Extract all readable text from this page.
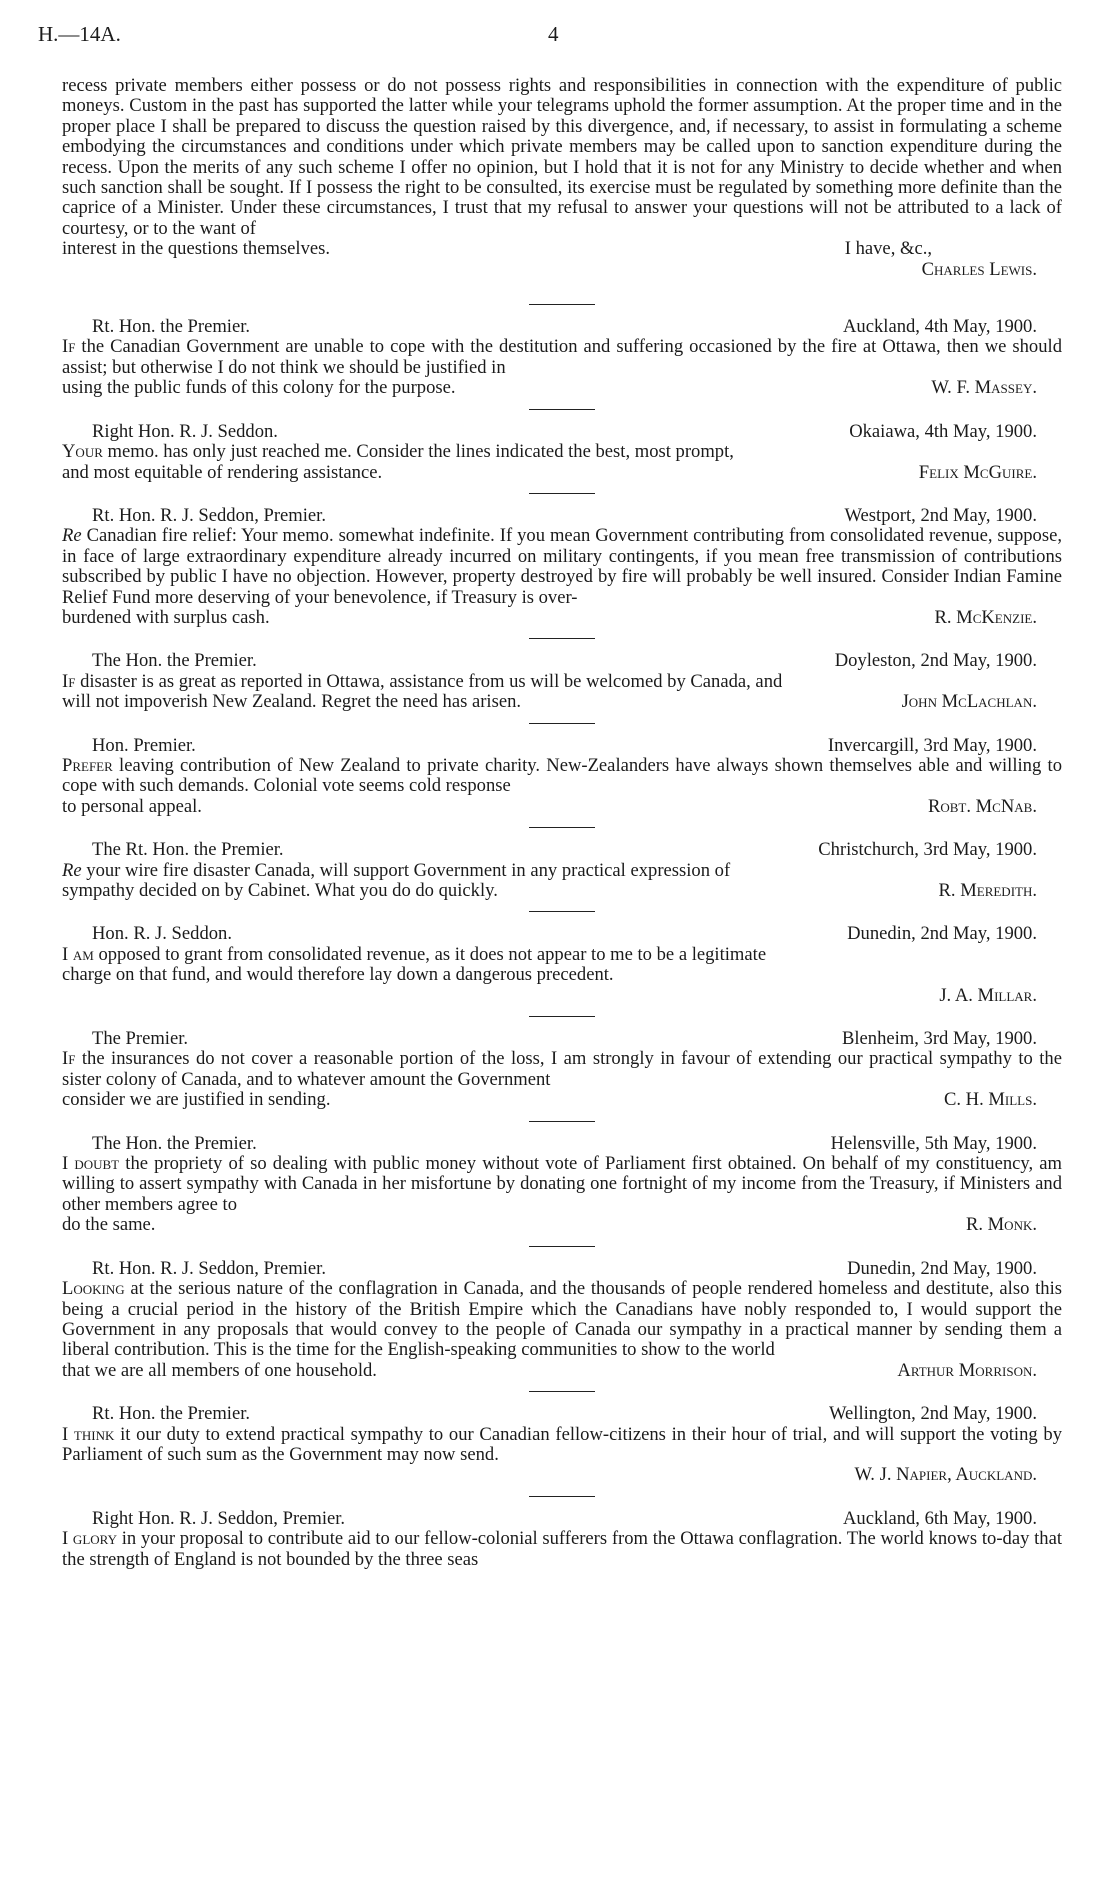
H.—14A.	4
recess private members either possess or do not possess rights and responsibilities in connection with the expenditure of public moneys. Custom in the past has supported the latter while your telegrams uphold the former assumption. At the proper time and in the proper place I shall be prepared to discuss the question raised by this divergence, and, if necessary, to assist in formulating a scheme embodying the circumstances and conditions under which private members may be called upon to sanction expenditure during the recess. Upon the merits of any such scheme I offer no opinion, but I hold that it is not for any Ministry to decide whether and when such sanction shall be sought. If I possess the right to be consulted, its exercise must be regulated by something more definite than the caprice of a Minister. Under these circumstances, I trust that my refusal to answer your questions will not be attributed to a lack of courtesy, or to the want of
interest in the questions themselves.	I have, &c.,
Charles Lewis.
Rt. Hon. the Premier.	Auckland, 4th May, 1900.
If the Canadian Government are unable to cope with the destitution and suffering occasioned by the fire at Ottawa, then we should assist; but otherwise I do not think we should be justified in
using the public funds of this colony for the purpose.	W. F. Massey.
Right Hon. R. J. Seddon.	Okaiawa, 4th May, 1900.
Your memo. has only just reached me. Consider the lines indicated the best, most prompt,
and most equitable of rendering assistance.	Felix McGuire.
Rt. Hon. R. J. Seddon, Premier.	Westport, 2nd May, 1900.
Re Canadian fire relief: Your memo. somewhat indefinite. If you mean Government contributing from consolidated revenue, suppose, in face of large extraordinary expenditure already incurred on military contingents, if you mean free transmission of contributions subscribed by public I have no objection. However, property destroyed by fire will probably be well insured. Consider Indian Famine Relief Fund more deserving of your benevolence, if Treasury is over-
burdened with surplus cash.	R. McKenzie.
The Hon. the Premier.	Doyleston, 2nd May, 1900.
If disaster is as great as reported in Ottawa, assistance from us will be welcomed by Canada, and
will not impoverish New Zealand. Regret the need has arisen.	John McLachlan.
Hon. Premier.	Invercargill, 3rd May, 1900.
Prefer leaving contribution of New Zealand to private charity. New-Zealanders have always shown themselves able and willing to cope with such demands. Colonial vote seems cold response
to personal appeal.	Robt. McNab.
The Rt. Hon. the Premier.	Christchurch, 3rd May, 1900.
Re your wire fire disaster Canada, will support Government in any practical expression of
sympathy decided on by Cabinet. What you do do quickly.	R. Meredith.
Hon. R. J. Seddon.	Dunedin, 2nd May, 1900.
I am opposed to grant from consolidated revenue, as it does not appear to me to be a legitimate
charge on that fund, and would therefore lay down a dangerous precedent.
J. A. Millar.
The Premier.	Blenheim, 3rd May, 1900.
If the insurances do not cover a reasonable portion of the loss, I am strongly in favour of extending our practical sympathy to the sister colony of Canada, and to whatever amount the Government
consider we are justified in sending.	C. H. Mills.
The Hon. the Premier.	Helensville, 5th May, 1900.
I doubt the propriety of so dealing with public money without vote of Parliament first obtained. On behalf of my constituency, am willing to assert sympathy with Canada in her misfortune by donating one fortnight of my income from the Treasury, if Ministers and other members agree to
do the same.	R. Monk.
Rt. Hon. R. J. Seddon, Premier.	Dunedin, 2nd May, 1900.
Looking at the serious nature of the conflagration in Canada, and the thousands of people rendered homeless and destitute, also this being a crucial period in the history of the British Empire which the Canadians have nobly responded to, I would support the Government in any proposals that would convey to the people of Canada our sympathy in a practical manner by sending them a liberal contribution. This is the time for the English-speaking communities to show to the world
that we are all members of one household.	Arthur Morrison.
Rt. Hon. the Premier.	Wellington, 2nd May, 1900.
I think it our duty to extend practical sympathy to our Canadian fellow-citizens in their hour of trial, and will support the voting by Parliament of such sum as the Government may now send.
W. J. Napier, Auckland.
Right Hon. R. J. Seddon, Premier.	Auckland, 6th May, 1900.
I glory in your proposal to contribute aid to our fellow-colonial sufferers from the Ottawa conflagration. The world knows to-day that the strength of England is not bounded by the three seas
